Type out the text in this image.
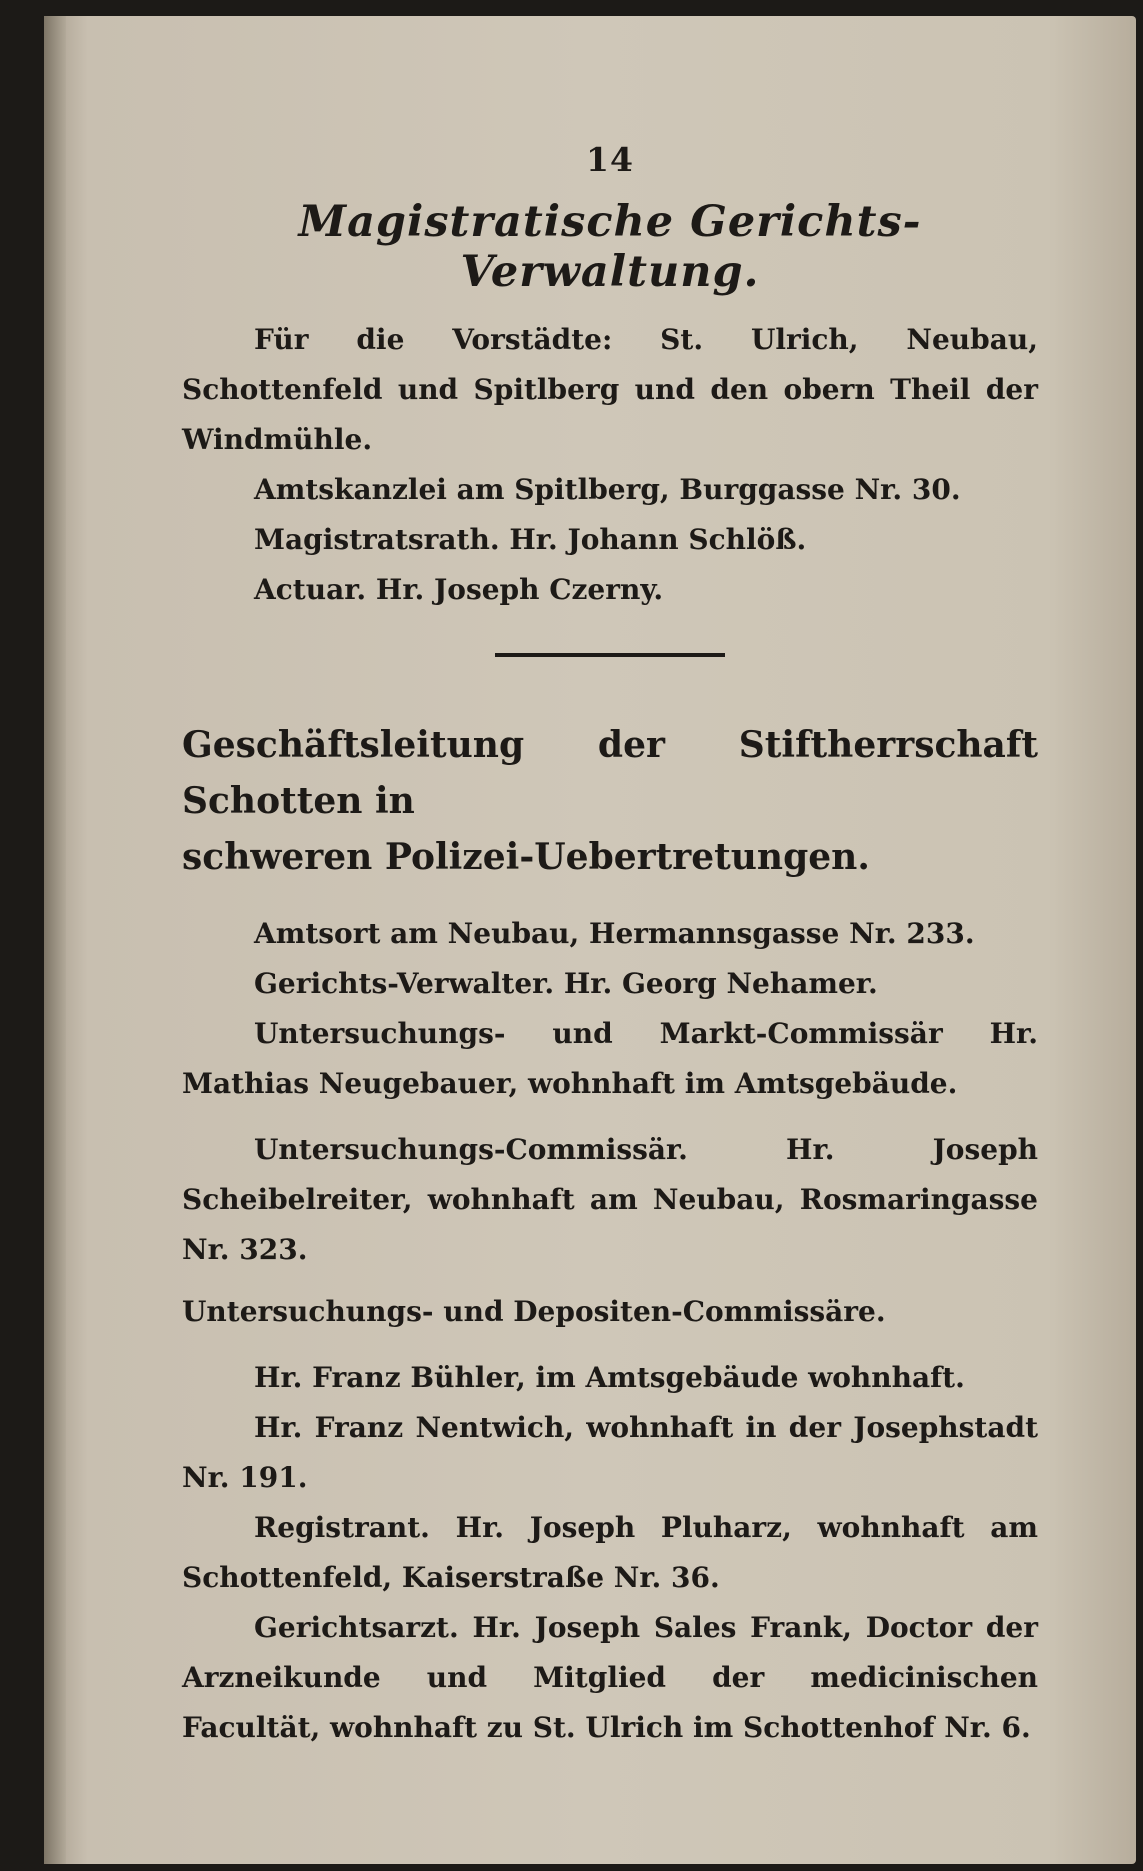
14
Magistratische Gerichts-Verwaltung.

Für die Vorstädte: St. Ulrich, Neubau, Schottenfeld und Spitlberg und den obern Theil der Windmühle.

Amtskanzlei am Spitlberg, Burggasse Nr. 30.

Magistratsrath. Hr. Johann Schlöß.

Actuar. Hr. Joseph Czerny.

Geschäftsleitung der Stiftherrschaft Schotten in
schweren Polizei-Uebertretungen.

Amtsort am Neubau, Hermannsgasse Nr. 233.

Gerichts-Verwalter. Hr. Georg Nehamer.

Untersuchungs- und Markt-Commissär Hr. Mathias Neugebauer, wohnhaft im Amtsgebäude.

Untersuchungs-Commissär. Hr. Joseph Scheibelreiter, wohnhaft am Neubau, Rosmaringasse Nr. 323.

Untersuchungs- und Depositen-Commissäre.

Hr. Franz Bühler, im Amtsgebäude wohnhaft.

Hr. Franz Nentwich, wohnhaft in der Josephstadt Nr. 191.

Registrant. Hr. Joseph Pluharz, wohnhaft am Schottenfeld, Kaiserstraße Nr. 36.

Gerichtsarzt. Hr. Joseph Sales Frank, Doctor der Arzneikunde und Mitglied der medicinischen Facultät, wohnhaft zu St. Ulrich im Schottenhof Nr. 6.
